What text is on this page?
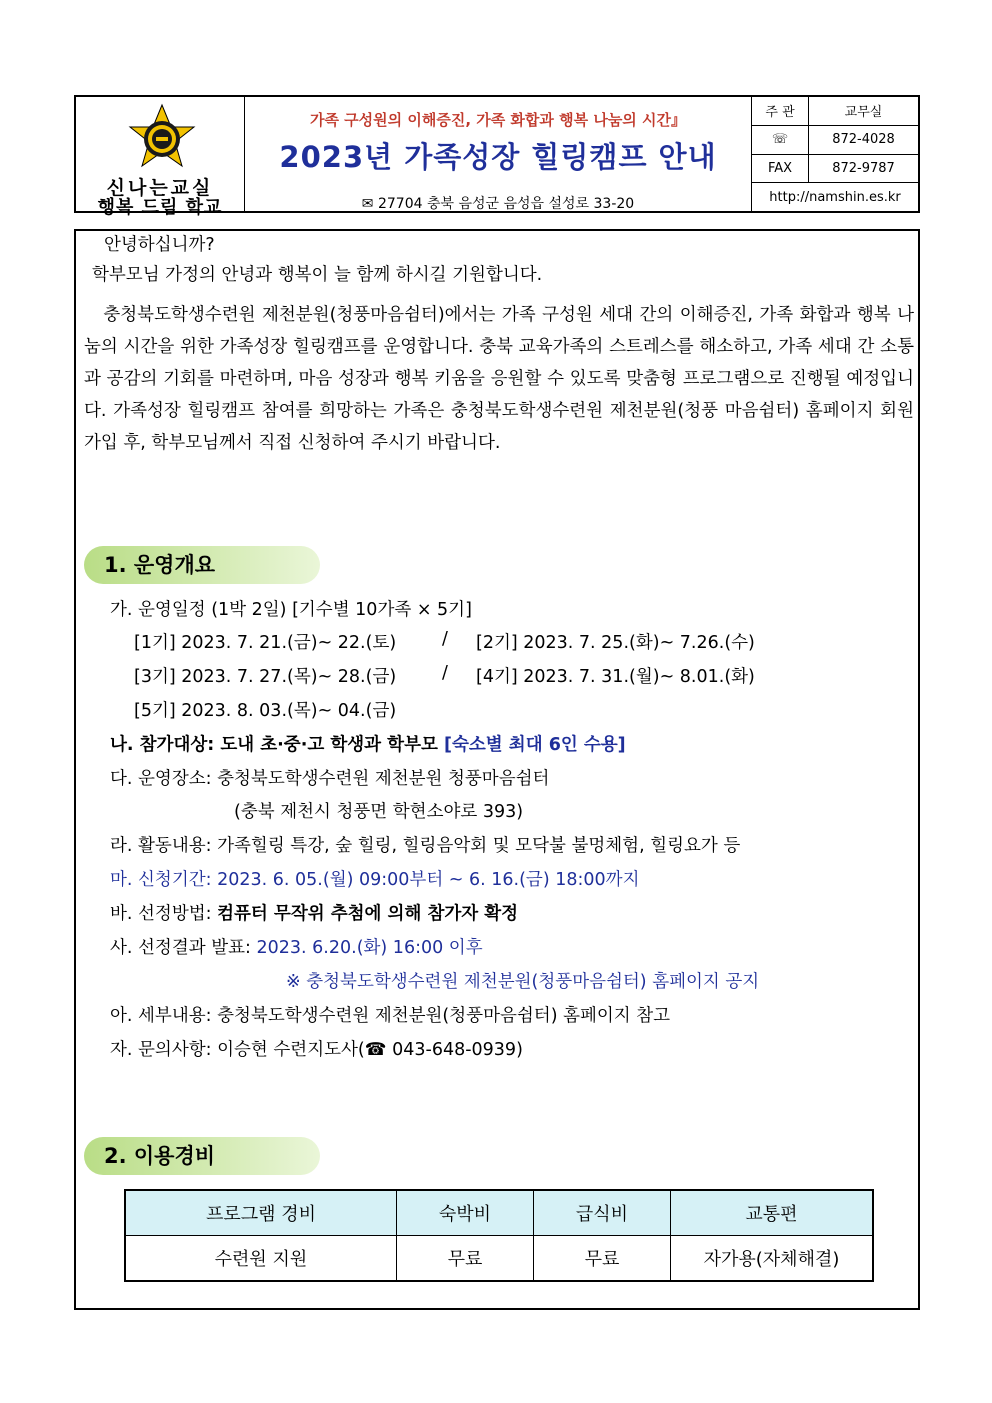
신나는교실
행복 드림 학교
가족 구성원의 이해증진, 가족 화합과 행복 나눔의 시간』
2023년 가족성장 힐링캠프 안내
✉ 27704 충북 음성군 음성읍 설성로 33-20
주 관	교무실
☏	872-4028
FAX	872-9787
http://namshin.es.kr
안녕하십니까?
학부모님 가정의 안녕과 행복이 늘 함께 하시길 기원합니다.
충청북도학생수련원 제천분원(청풍마음쉼터)에서는 가족 구성원 세대 간의 이해증진, 가족 화합과 행복 나눔의 시간을 위한 가족성장 힐링캠프를 운영합니다. 충북 교육가족의 스트레스를 해소하고, 가족 세대 간 소통과 공감의 기회를 마련하며, 마음 성장과 행복 키움을 응원할 수 있도록 맞춤형 프로그램으로 진행될 예정입니다. 가족성장 힐링캠프 참여를 희망하는 가족은 충청북도학생수련원 제천분원(청풍 마음쉼터) 홈페이지 회원가입 후, 학부모님께서 직접 신청하여 주시기 바랍니다.
1. 운영개요
가. 운영일정 (1박 2일) [기수별 10가족 × 5기]
[1기] 2023. 7. 21.(금)~ 22.(토)	/ [2기] 2023. 7. 25.(화)~ 7.26.(수)
[3기] 2023. 7. 27.(목)~ 28.(금)	/ [4기] 2023. 7. 31.(월)~ 8.01.(화)
[5기] 2023. 8. 03.(목)~ 04.(금)
나. 참가대상: 도내 초·중·고 학생과 학부모 [숙소별 최대 6인 수용]
다. 운영장소: 충청북도학생수련원 제천분원 청풍마음쉼터
(충북 제천시 청풍면 학현소야로 393)
라. 활동내용: 가족힐링 특강, 숲 힐링, 힐링음악회 및 모닥불 불멍체험, 힐링요가 등
마. 신청기간: 2023. 6. 05.(월) 09:00부터 ~ 6. 16.(금) 18:00까지
바. 선정방법: 컴퓨터 무작위 추첨에 의해 참가자 확정
사. 선정결과 발표: 2023. 6.20.(화) 16:00 이후
※ 충청북도학생수련원 제천분원(청풍마음쉼터) 홈페이지 공지
아. 세부내용: 충청북도학생수련원 제천분원(청풍마음쉼터) 홈페이지 참고
자. 문의사항: 이승현 수련지도사(☎ 043-648-0939)
2. 이용경비
프로그램 경비	숙박비	급식비	교통편
수련원 지원	무료	무료	자가용(자체해결)
